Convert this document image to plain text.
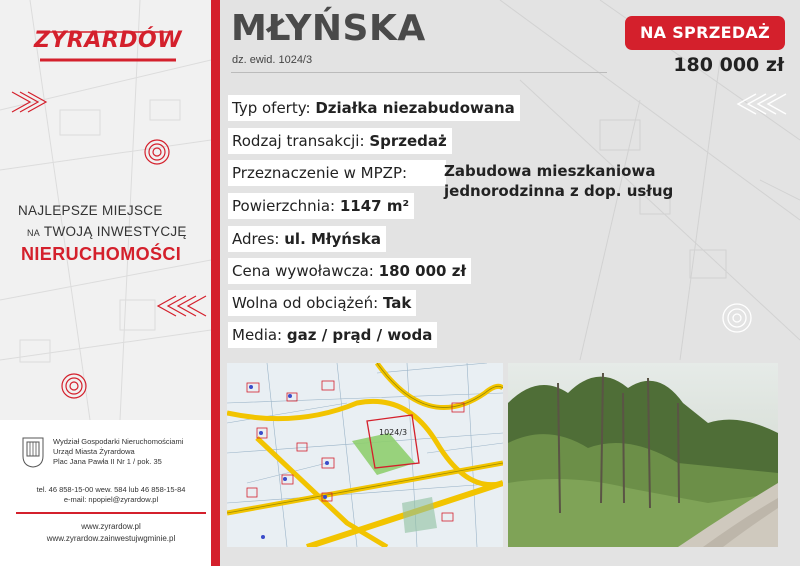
ZYRARDÓW
NAJLEPSZE MIEJSCE
NA TWOJĄ INWESTYCJĘ
NIERUCHOMOŚCI
Wydział Gospodarki Nieruchomościami
Urząd Miasta Żyrardowa
Plac Jana Pawła II Nr 1 / pok. 35
tel. 46 858-15-00 wew. 584 lub 46 858-15-84
e-mail: npopiel@zyrardow.pl
www.zyrardow.pl
www.zyrardow.zainwestujwgminie.pl
MŁYŃSKA
dz. ewid. 1024/3
NA SPRZEDAŻ
180 000 zł
Typ oferty: Działka niezabudowana
Rodzaj transakcji: Sprzedaż
Przeznaczenie w MPZP:	Zabudowa mieszkaniowa
jednorodzinna z dop. usług
Powierzchnia: 1147 m²
Adres: ul. Młyńska
Cena wywoławcza: 180 000 zł
Wolna od obciążeń: Tak
Media: gaz / prąd / woda
1024/3
